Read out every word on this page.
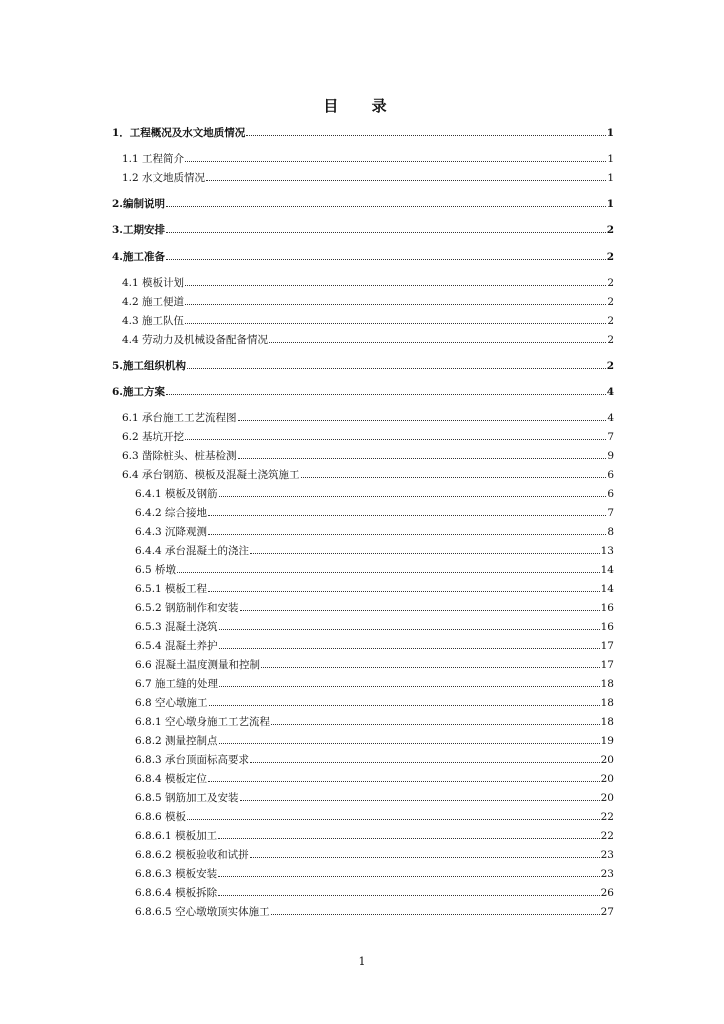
目 录
1．工程概况及水文地质情况	1
1.1 工程简介	1
1.2 水文地质情况	1
2.编制说明	1
3.工期安排	2
4.施工准备	2
4.1 模板计划	2
4.2 施工便道	2
4.3 施工队伍	2
4.4 劳动力及机械设备配备情况	2
5.施工组织机构	2
6.施工方案	4
6.1 承台施工工艺流程图	4
6.2 基坑开挖	7
6.3 凿除桩头、桩基检测	9
6.4 承台钢筋、模板及混凝土浇筑施工	6
6.4.1 模板及钢筋	6
6.4.2 综合接地	7
6.4.3 沉降观测	8
6.4.4 承台混凝土的浇注	13
6.5 桥墩	14
6.5.1 模板工程	14
6.5.2 钢筋制作和安装	16
6.5.3 混凝土浇筑	16
6.5.4 混凝土养护	17
6.6 混凝土温度测量和控制	17
6.7 施工缝的处理	18
6.8 空心墩施工	18
6.8.1 空心墩身施工工艺流程	18
6.8.2 测量控制点	19
6.8.3 承台顶面标高要求	20
6.8.4 模板定位	20
6.8.5 钢筋加工及安装	20
6.8.6 模板	22
6.8.6.1 模板加工	22
6.8.6.2 模板验收和试拼	23
6.8.6.3 模板安装	23
6.8.6.4 模板拆除	26
6.8.6.5 空心墩墩顶实体施工	27
1
